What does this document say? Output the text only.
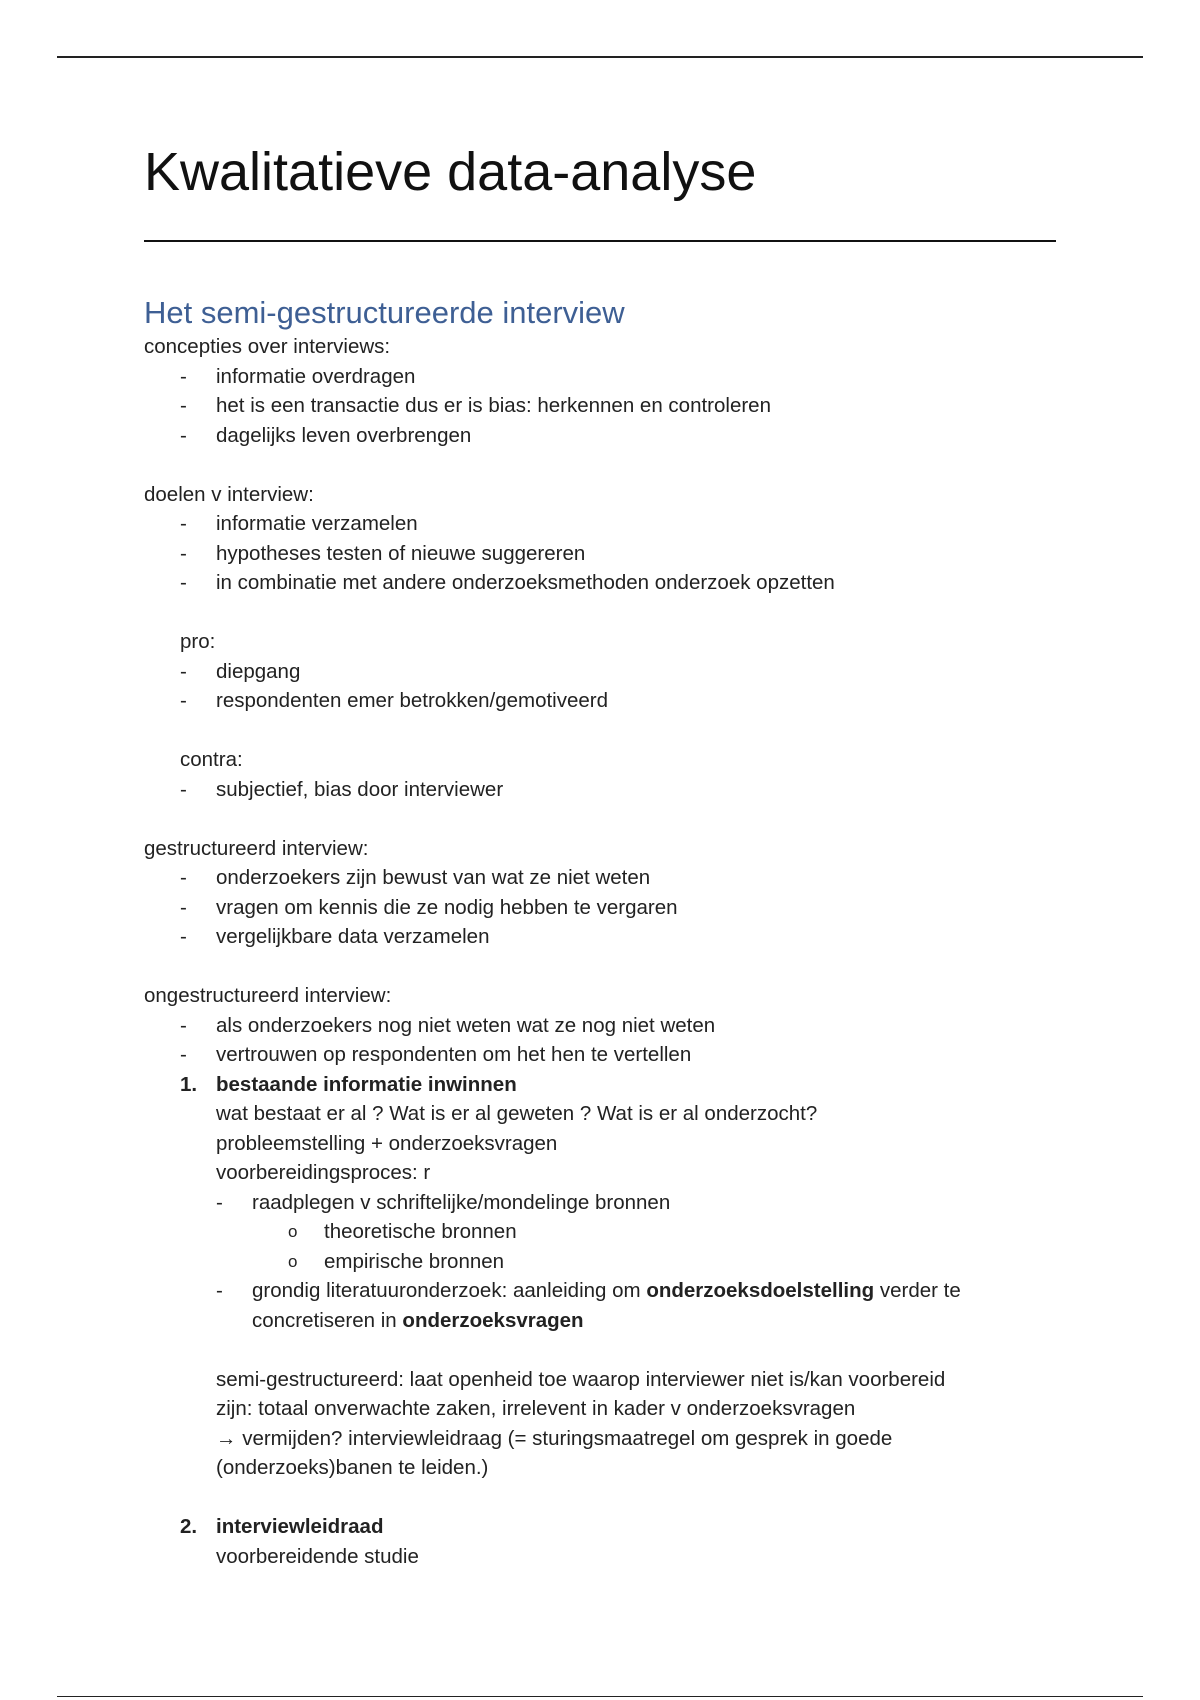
Kwalitatieve data-analyse
Het semi-gestructureerde interview
concepties over interviews:
- informatie overdragen
- het is een transactie dus er is bias: herkennen en controleren
- dagelijks leven overbrengen
doelen v interview:
- informatie verzamelen
- hypotheses testen of nieuwe suggereren
- in combinatie met andere onderzoeksmethoden onderzoek opzetten
pro:
- diepgang
- respondenten emer betrokken/gemotiveerd
contra:
- subjectief, bias door interviewer
gestructureerd interview:
- onderzoekers zijn bewust van wat ze niet weten
- vragen om kennis die ze nodig hebben te vergaren
- vergelijkbare data verzamelen
ongestructureerd interview:
- als onderzoekers nog niet weten wat ze nog niet weten
- vertrouwen op respondenten om het hen te vertellen
1. bestaande informatie inwinnen
wat bestaat er al ? Wat is er al geweten ? Wat is er al onderzocht?
probleemstelling + onderzoeksvragen
voorbereidingsproces: r
- raadplegen v schriftelijke/mondelinge bronnen
o theoretische bronnen
o empirische bronnen
- grondig literatuuronderzoek: aanleiding om onderzoeksdoelstelling verder te
concretiseren in onderzoeksvragen
semi-gestructureerd: laat openheid toe waarop interviewer niet is/kan voorbereid
zijn: totaal onverwachte zaken, irrelevent in kader v onderzoeksvragen
→ vermijden? interviewleidraag (= sturingsmaatregel om gesprek in goede
(onderzoeks)banen te leiden.)
2. interviewleidraad
voorbereidende studie
